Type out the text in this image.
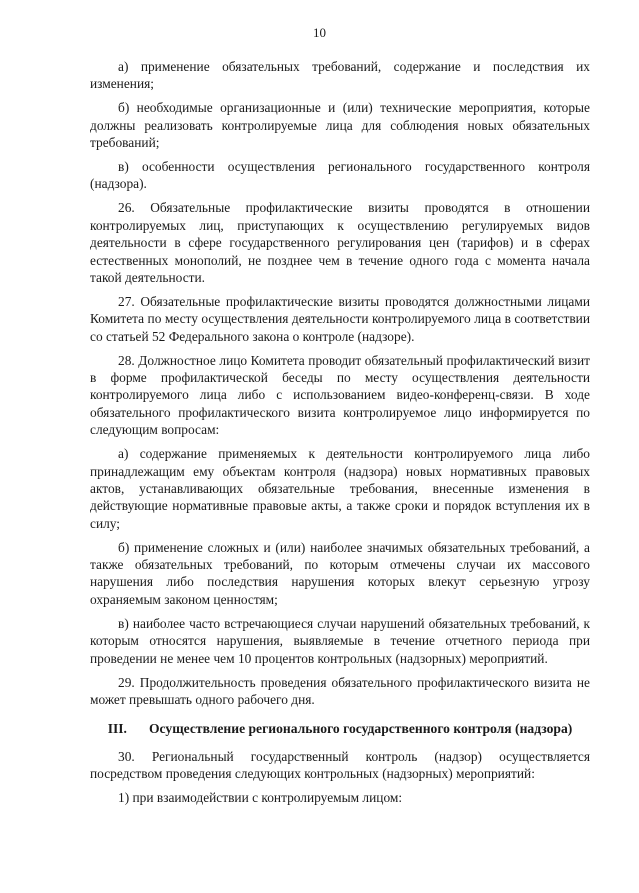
10

а) применение обязательных требований, содержание и последствия их изменения;

б) необходимые организационные и (или) технические мероприятия, которые должны реализовать контролируемые лица для соблюдения новых обязательных требований;

в) особенности осуществления регионального государственного контроля (надзора).

26. Обязательные профилактические визиты проводятся в отношении контролируемых лиц, приступающих к осуществлению регулируемых видов деятельности в сфере государственного регулирования цен (тарифов) и в сферах естественных монополий, не позднее чем в течение одного года с момента начала такой деятельности.

27. Обязательные профилактические визиты проводятся должностными лицами Комитета по месту осуществления деятельности контролируемого лица в соответствии со статьей 52 Федерального закона о контроле (надзоре).

28. Должностное лицо Комитета проводит обязательный профилактический визит в форме профилактической беседы по месту осуществления деятельности контролируемого лица либо с использованием видео-конференц-связи. В ходе обязательного профилактического визита контролируемое лицо информируется по следующим вопросам:

а) содержание применяемых к деятельности контролируемого лица либо принадлежащим ему объектам контроля (надзора) новых нормативных правовых актов, устанавливающих обязательные требования, внесенные изменения в действующие нормативные правовые акты, а также сроки и порядок вступления их в силу;

б) применение сложных и (или) наиболее значимых обязательных требований, а также обязательных требований, по которым отмечены случаи их массового нарушения либо последствия нарушения которых влекут серьезную угрозу охраняемым законом ценностям;

в) наиболее часто встречающиеся случаи нарушений обязательных требований, к которым относятся нарушения, выявляемые в течение отчетного периода при проведении не менее чем 10 процентов контрольных (надзорных) мероприятий.

29. Продолжительность проведения обязательного профилактического визита не может превышать одного рабочего дня.

III. Осуществление регионального государственного контроля (надзора)

30. Региональный государственный контроль (надзор) осуществляется посредством проведения следующих контрольных (надзорных) мероприятий:

1) при взаимодействии с контролируемым лицом:
